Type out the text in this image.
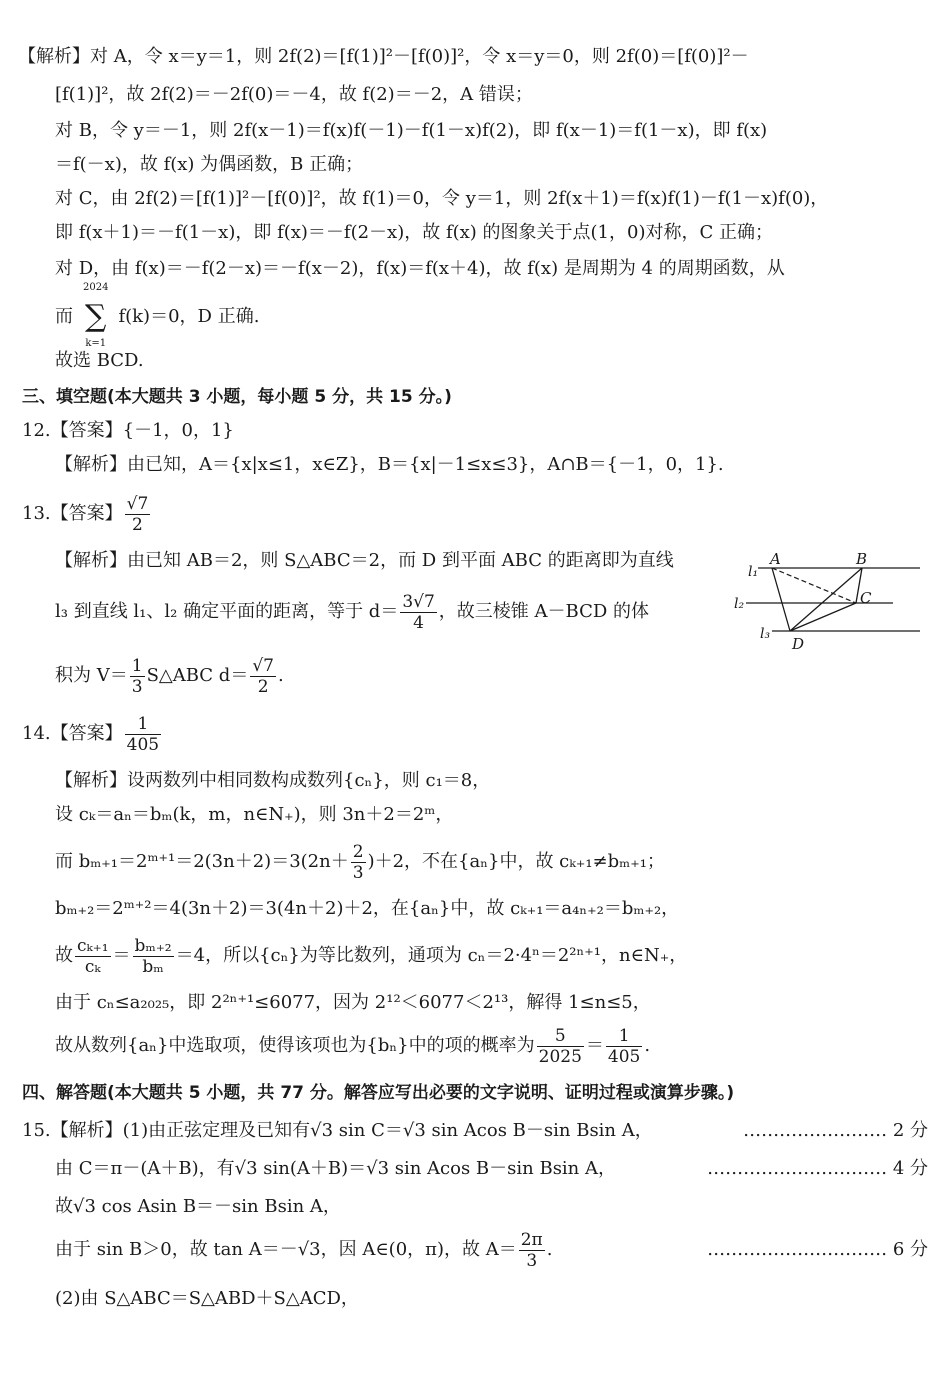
【解析】对 A，令 x＝y＝1，则 2f(2)＝[f(1)]²－[f(0)]²，令 x＝y＝0，则 2f(0)＝[f(0)]²－
[f(1)]²，故 2f(2)＝－2f(0)＝－4，故 f(2)＝－2，A 错误；
对 B，令 y＝－1，则 2f(x－1)＝f(x)f(－1)－f(1－x)f(2)，即 f(x－1)＝f(1－x)，即 f(x)
＝f(－x)，故 f(x) 为偶函数，B 正确；
对 C，由 2f(2)＝[f(1)]²－[f(0)]²，故 f(1)＝0，令 y＝1，则 2f(x＋1)＝f(x)f(1)－f(1－x)f(0)，
即 f(x＋1)＝－f(1－x)，即 f(x)＝－f(2－x)，故 f(x) 的图象关于点(1，0)对称，C 正确；
对 D，由 f(x)＝－f(2－x)＝－f(x－2)，f(x)＝f(x＋4)，故 f(x) 是周期为 4 的周期函数，从
而
2024
∑
k=1
f(k)＝0，D 正确.
故选 BCD.
三、填空题(本大题共 3 小题，每小题 5 分，共 15 分。)
12.【答案】{－1，0，1}
【解析】由已知，A＝{x|x≤1，x∈Z}，B＝{x|－1≤x≤3}，A∩B＝{－1，0，1}.
13.【答案】 $\frac{√7}{2}$
【解析】由已知 AB＝2，则 S△ABC＝2，而 D 到平面 ABC 的距离即为直线
l₃ 到直线 l₁、l₂ 确定平面的距离，等于 $d= \frac{3√7}{4}$ ，故三棱锥 A－BCD 的体
积为 $V= \frac{1}{3}$ S△ABC $d= \frac{√7}{2}$ .
A	B
C
D
l₁
l₂
l₃
14.【答案】 $\frac{1}{405}$
【解析】设两数列中相同数构成数列{cₙ}，则 c₁＝8，
设 cₖ＝aₙ＝bₘ(k，m，n∈N₊)，则 3n＋2＝2ᵐ，
而 bₘ₊₁＝2ᵐ⁺¹＝2(3n＋2)＝3(2n＋ $\frac{2}{3} )+2$，不在{aₙ}中，故 cₖ₊₁≠bₘ₊₁；
bₘ₊₂＝2ᵐ⁺²＝4(3n＋2)＝3(4n＋2)＋2，在{aₙ}中，故 cₖ₊₁＝a₄ₙ₊₂＝bₘ₊₂，
故 $\frac{\text{cₖ₊₁}}{\text{cₖ}} = \frac{\text{bₘ₊₂}}{\text{bₘ}} =4$，所以{cₙ}为等比数列，通项为 cₙ＝2·4ⁿ＝2²ⁿ⁺¹，n∈N₊，
由于 cₙ≤a₂₀₂₅，即 2²ⁿ⁺¹≤6077，因为 2¹²＜6077＜2¹³，解得 1≤n≤5，
故从数列{aₙ}中选取项，使得该项也为{bₙ}中的项的概率为 $\frac{5}{2025} = \frac{1}{405}$ .
四、解答题(本大题共 5 小题，共 77 分。解答应写出必要的文字说明、证明过程或演算步骤。)
15.【解析】(1)由正弦定理及已知有√3 sin C＝√3 sin Acos B－sin Bsin A，	…………………… 2 分
由 C＝π－(A＋B)，有√3 sin(A＋B)＝√3 sin Acos B－sin Bsin A，	………………………… 4 分
故√3 cos Asin B＝－sin Bsin A，
由于 sin B＞0，故 tan A＝－√3，因 A∈(0，π)，故 $A= \frac{2\pi}{3}$ .	………………………… 6 分
(2)由 S△ABC＝S△ABD＋S△ACD，
